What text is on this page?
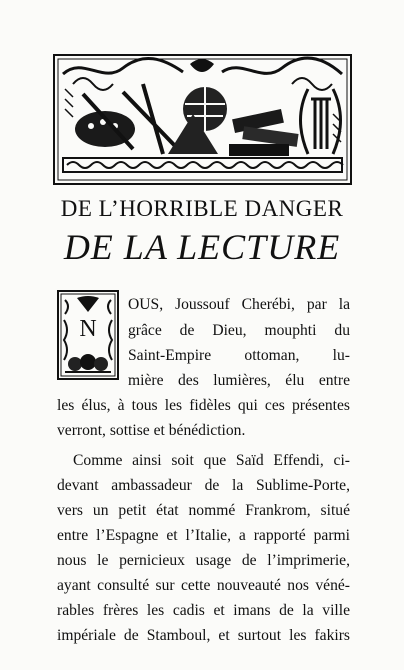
DE L’HORRIBLE DANGER
DE LA LECTURE
N
OUS, Joussouf Cherébi, par la
grâce de Dieu, mouphti du
Saint-Empire ottoman, lu-
mière des lumières, élu entre
les élus, à tous les fidèles qui ces présentes
verront, sottise et bénédiction.
Comme ainsi soit que Saïd Effendi, ci-
devant ambassadeur de la Sublime-Porte,
vers un petit état nommé Frankrom, situé
entre l’Espagne et l’Italie, a rapporté parmi
nous le pernicieux usage de l’imprimerie,
ayant consulté sur cette nouveauté nos véné-
rables frères les cadis et imans de la ville
impériale de Stamboul, et surtout les fakirs
